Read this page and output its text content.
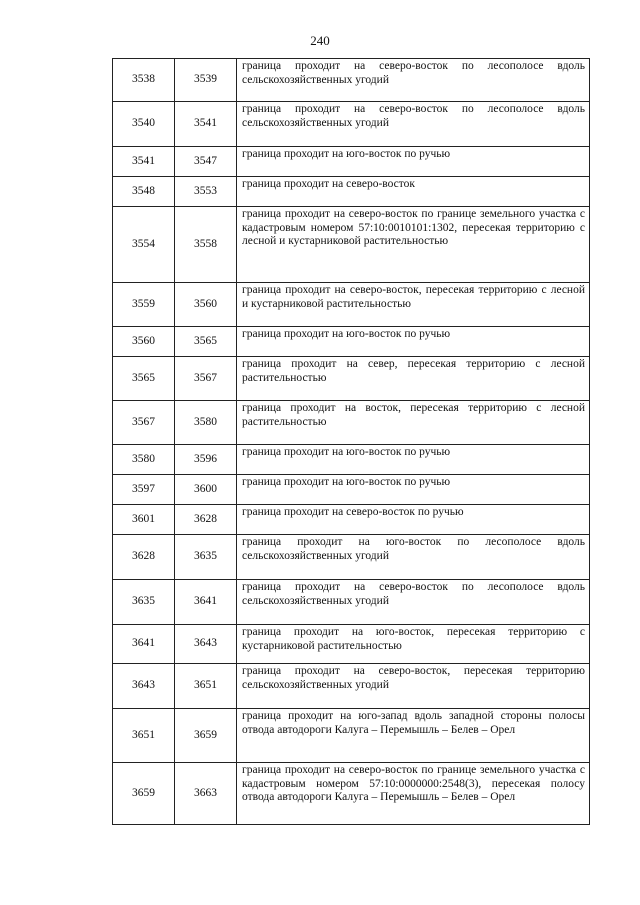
240
3538	3539	граница проходит на северо-восток по лесополосе вдоль сельскохозяйственных угодий
3540	3541	граница проходит на северо-восток по лесополосе вдоль сельскохозяйственных угодий
3541	3547	граница проходит на юго-восток по ручью
3548	3553	граница проходит на северо-восток
3554	3558	граница проходит на северо-восток по границе земельного участка с кадастровым номером 57:10:0010101:1302, пересекая территорию с лесной и кустарниковой растительностью
3559	3560	граница проходит на северо-восток, пересекая территорию с лесной и кустарниковой растительностью
3560	3565	граница проходит на юго-восток по ручью
3565	3567	граница проходит на север, пересекая территорию с лесной растительностью
3567	3580	граница проходит на восток, пересекая территорию с лесной растительностью
3580	3596	граница проходит на юго-восток по ручью
3597	3600	граница проходит на юго-восток по ручью
3601	3628	граница проходит на северо-восток по ручью
3628	3635	граница проходит на юго-восток по лесополосе вдоль сельскохозяйственных угодий
3635	3641	граница проходит на северо-восток по лесополосе вдоль сельскохозяйственных угодий
3641	3643	граница проходит на юго-восток, пересекая территорию с кустарниковой растительностью
3643	3651	граница проходит на северо-восток, пересекая территорию сельскохозяйственных угодий
3651	3659	граница проходит на юго-запад вдоль западной стороны полосы отвода автодороги Калуга – Перемышль – Белев – Орел
3659	3663	граница проходит на северо-восток по границе земельного участка с кадастровым номером 57:10:0000000:2548(3), пересекая полосу отвода автодороги Калуга – Перемышль – Белев – Орел
